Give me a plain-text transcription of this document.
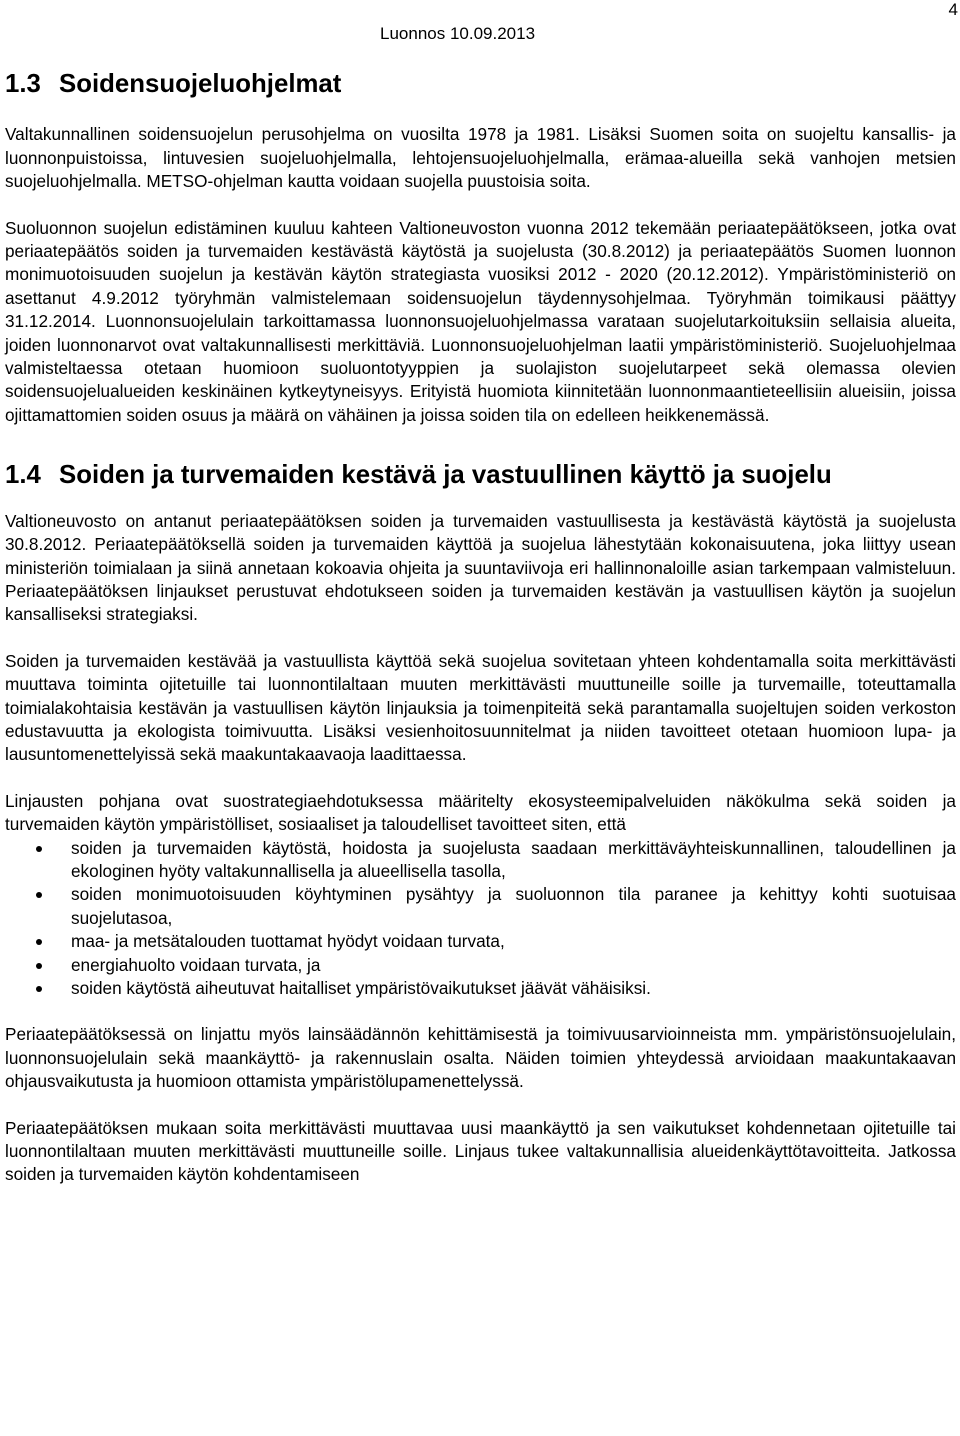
4
Luonnos 10.09.2013
1.3 Soidensuojeluohjelmat

Valtakunnallinen soidensuojelun perusohjelma on vuosilta 1978 ja 1981. Lisäksi Suomen soita on suojeltu kansallis- ja luonnonpuistoissa, lintuvesien suojeluohjelmalla, lehtojensuojeluohjelmalla, erämaa-alueilla sekä vanhojen metsien suojeluohjelmalla. METSO-ohjelman kautta voidaan suojella puustoisia soita.

Suoluonnon suojelun edistäminen kuuluu kahteen Valtioneuvoston vuonna 2012 tekemään periaatepäätökseen, jotka ovat periaatepäätös soiden ja turvemaiden kestävästä käytöstä ja suojelusta (30.8.2012) ja periaatepäätös Suomen luonnon monimuotoisuuden suojelun ja kestävän käytön strategiasta vuosiksi 2012 - 2020 (20.12.2012). Ympäristöministeriö on asettanut 4.9.2012 työryhmän valmistelemaan soidensuojelun täydennysohjelmaa. Työryhmän toimikausi päättyy 31.12.2014. Luonnonsuojelulain tarkoittamassa luonnonsuojeluohjelmassa varataan suojelutarkoituksiin sellaisia alueita, joiden luonnonarvot ovat valtakunnallisesti merkittäviä. Luonnonsuojeluohjelman laatii ympäristöministeriö. Suojeluohjelmaa valmisteltaessa otetaan huomioon suoluontotyyppien ja suolajiston suojelutarpeet sekä olemassa olevien soidensuojelualueiden keskinäinen kytkeytyneisyys. Erityistä huomiota kiinnitetään luonnonmaantieteellisiin alueisiin, joissa ojittamattomien soiden osuus ja määrä on vähäinen ja joissa soiden tila on edelleen heikkenemässä.

1.4 Soiden ja turvemaiden kestävä ja vastuullinen käyttö ja suojelu

Valtioneuvosto on antanut periaatepäätöksen soiden ja turvemaiden vastuullisesta ja kestävästä käytöstä ja suojelusta 30.8.2012. Periaatepäätöksellä soiden ja turvemaiden käyttöä ja suojelua lähestytään kokonaisuutena, joka liittyy usean ministeriön toimialaan ja siinä annetaan kokoavia ohjeita ja suuntaviivoja eri hallinnonaloille asian tarkempaan valmisteluun. Periaatepäätöksen linjaukset perustuvat ehdotukseen soiden ja turvemaiden kestävän ja vastuullisen käytön ja suojelun kansalliseksi strategiaksi.

Soiden ja turvemaiden kestävää ja vastuullista käyttöä sekä suojelua sovitetaan yhteen kohdentamalla soita merkittävästi muuttava toiminta ojitetuille tai luonnontilaltaan muuten merkittävästi muuttuneille soille ja turvemaille, toteuttamalla toimialakohtaisia kestävän ja vastuullisen käytön linjauksia ja toimenpiteitä sekä parantamalla suojeltujen soiden verkoston edustavuutta ja ekologista toimivuutta. Lisäksi vesienhoitosuunnitelmat ja niiden tavoitteet otetaan huomioon lupa- ja lausuntomenettelyissä sekä maakuntakaavaoja laadittaessa.

Linjausten pohjana ovat suostrategiaehdotuksessa määritelty ekosysteemipalveluiden näkökulma sekä soiden ja turvemaiden käytön ympäristölliset, sosiaaliset ja taloudelliset tavoitteet siten, että

soiden ja turvemaiden käytöstä, hoidosta ja suojelusta saadaan merkittäväyhteiskunnallinen, taloudellinen ja ekologinen hyöty valtakunnallisella ja alueellisella tasolla,
soiden monimuotoisuuden köyhtyminen pysähtyy ja suoluonnon tila paranee ja kehittyy kohti suotuisaa suojelutasoa,
maa- ja metsätalouden tuottamat hyödyt voidaan turvata,
energiahuolto voidaan turvata, ja
soiden käytöstä aiheutuvat haitalliset ympäristövaikutukset jäävät vähäisiksi.

Periaatepäätöksessä on linjattu myös lainsäädännön kehittämisestä ja toimivuusarvioinneista mm. ympäristönsuojelulain, luonnonsuojelulain sekä maankäyttö- ja rakennuslain osalta. Näiden toimien yhteydessä arvioidaan maakuntakaavan ohjausvaikutusta ja huomioon ottamista ympäristölupamenettelyssä.

Periaatepäätöksen mukaan soita merkittävästi muuttavaa uusi maankäyttö ja sen vaikutukset kohdennetaan ojitetuille tai luonnontilaltaan muuten merkittävästi muuttuneille soille. Linjaus tukee valtakunnallisia alueidenkäyttötavoitteita. Jatkossa soiden ja turvemaiden käytön kohdentamiseen
